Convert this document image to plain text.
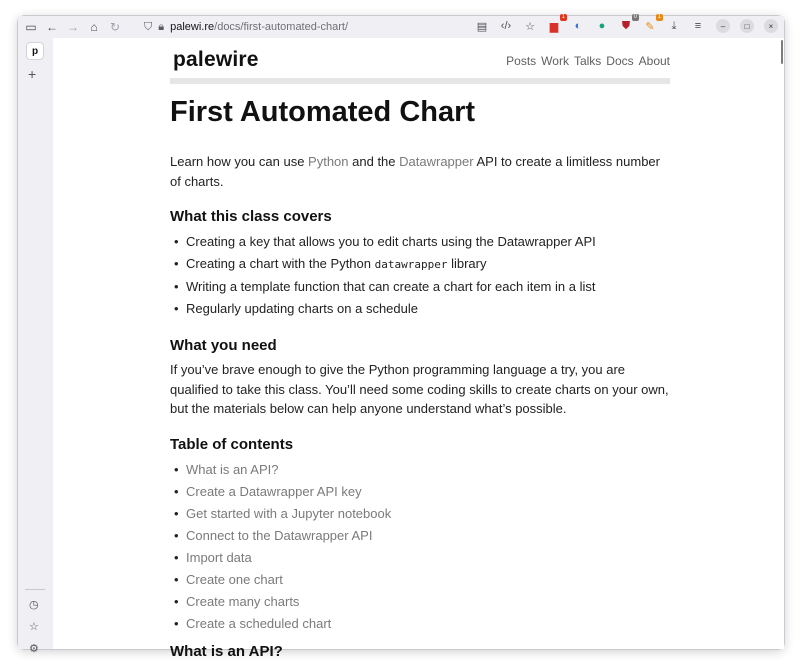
▭ ← → ⌂	↻ ⛉ 🔒︎ palewi.re /docs/first-automated-chart/	▤ ‹/› ☆	▆
1
◐	●	⛊
0
✎
1
⤓	≡	–	□	×
p
+
◷
☆
⚙
palewire	Posts Work Talks Docs About
First Automated Chart

Learn how you can use Python and the Datawrapper API to create a limitless number of charts.

What this class covers
• Creating a key that allows you to edit charts using the Datawrapper API
• Creating a chart with the Python datawrapper library
• Writing a template function that can create a chart for each item in a list
• Regularly updating charts on a schedule
What you need

If you’ve brave enough to give the Python programming language a try, you are qualified to take this class. You’ll need some coding skills to create charts on your own, but the materials below can help anyone understand what’s possible.

Table of contents
• What is an API?
• Create a Datawrapper API key
• Get started with a Jupyter notebook
• Connect to the Datawrapper API
• Import data
• Create one chart
• Create many charts
• Create a scheduled chart
What is an API?
